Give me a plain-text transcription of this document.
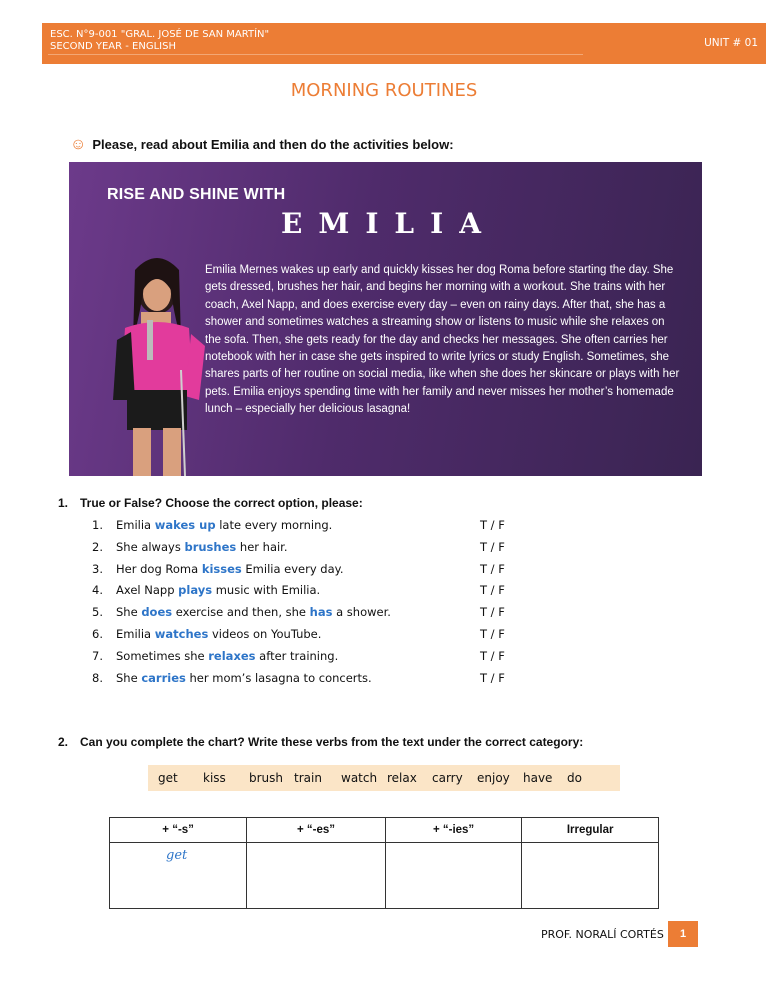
ESC. N°9-001 "GRAL. JOSÉ DE SAN MARTÍN"
SECOND YEAR - ENGLISH	UNIT # 01
MORNING ROUTINES
☺ Please, read about Emilia and then do the activities below:
RISE AND SHINE WITH
EMILIA
Emilia Mernes wakes up early and quickly kisses her dog Roma before starting the day. She gets dressed, brushes her hair, and begins her morning with a workout. She trains with her coach, Axel Napp, and does exercise every day – even on rainy days. After that, she has a shower and sometimes watches a streaming show or listens to music while she relaxes on the sofa. Then, she gets ready for the day and checks her messages. She often carries her notebook with her in case she gets inspired to write lyrics or study English. Sometimes, she shares parts of her routine on social media, like when she does her skincare or plays with her pets. Emilia enjoys spending time with her family and never misses her mother’s homemade lunch – especially her delicious lasagna!
1. True or False? Choose the correct option, please:
1. Emilia wakes up late every morning.	T / F
2. She always brushes her hair.	T / F
3. Her dog Roma kisses Emilia every day.	T / F
4. Axel Napp plays music with Emilia.	T / F
5. She does exercise and then, she has a shower.	T / F
6. Emilia watches videos on YouTube.	T / F
7. Sometimes she relaxes after training.	T / F
8. She carries her mom’s lasagna to concerts.	T / F
2. Can you complete the chart? Write these verbs from the text under the correct category:
get kiss brush train watch relax carry enjoy have do
+ “-s”	+ “-es”	+ “-ies”	Irregular
get			
PROF. NORALÍ CORTÉS	1
